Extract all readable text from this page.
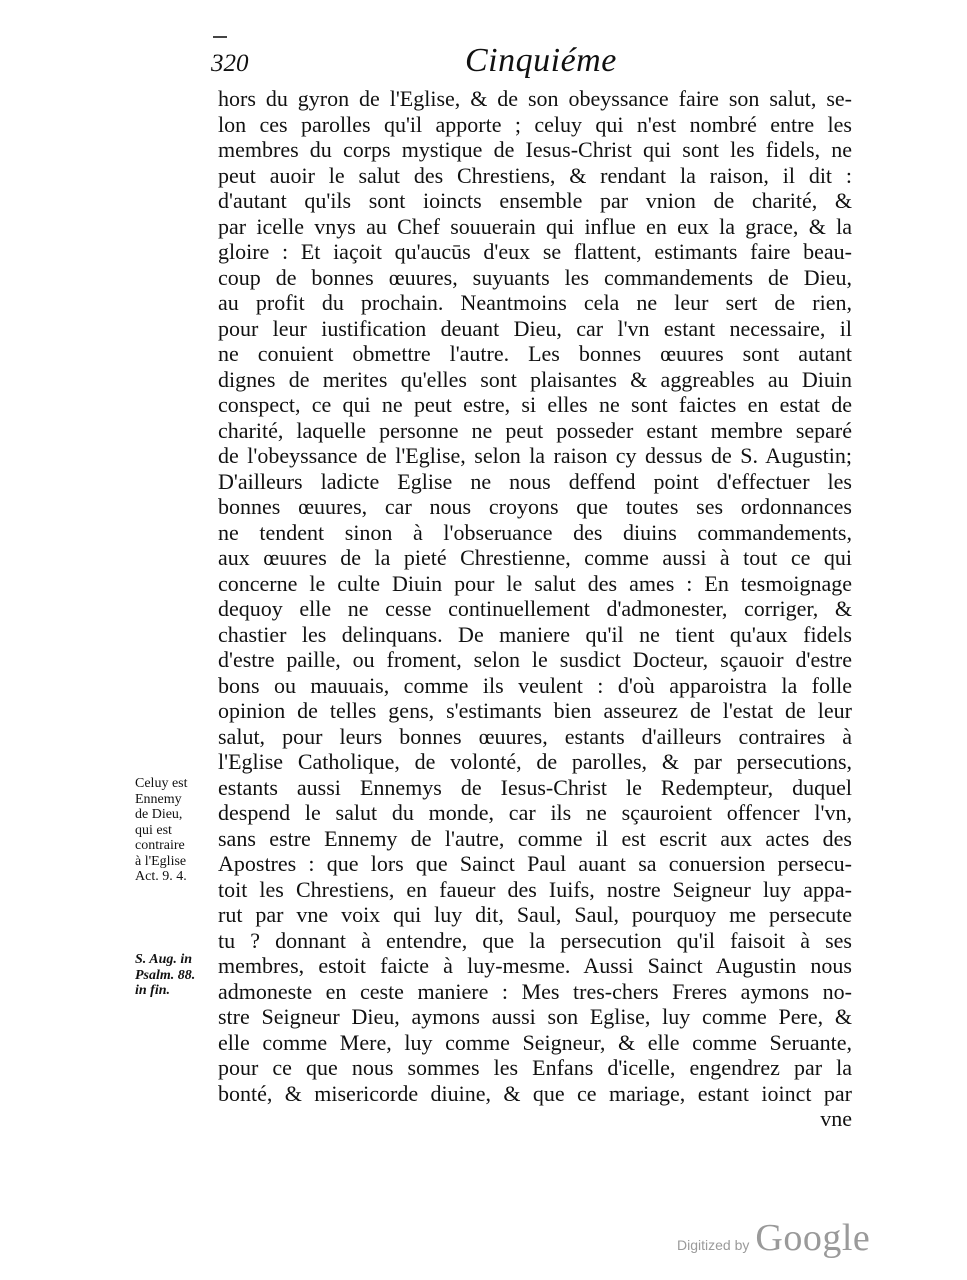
320	Cinquiéme
Celuy est
Ennemy
de Dieu,
qui est
contraire
à l'Eglise
Act. 9. 4.
S. Aug. in
Psalm. 88.
in fin.
hors du gyron de l'Eglise, & de son obeyssance faire son salut, se-
lon ces parolles qu'il apporte ; celuy qui n'est nombré entre les
membres du corps mystique de Iesus-Christ qui sont les fidels, ne
peut auoir le salut des Chrestiens, & rendant la raison, il dit :
d'autant qu'ils sont ioincts ensemble par vnion de charité, &
par icelle vnys au Chef souuerain qui influe en eux la grace, & la
gloire : Et iaçoit qu'aucūs d'eux se flattent, estimants faire beau-
coup de bonnes œuures, suyuants les commandements de Dieu,
au profit du prochain. Neantmoins cela ne leur sert de rien,
pour leur iustification deuant Dieu, car l'vn estant necessaire, il
ne conuient obmettre l'autre. Les bonnes œuures sont autant
dignes de merites qu'elles sont plaisantes & aggreables au Diuin
conspect, ce qui ne peut estre, si elles ne sont faictes en estat de
charité, laquelle personne ne peut posseder estant membre separé
de l'obeyssance de l'Eglise, selon la raison cy dessus de S. Augustin;
D'ailleurs ladicte Eglise ne nous deffend point d'effectuer les
bonnes œuures, car nous croyons que toutes ses ordonnances
ne tendent sinon à l'obseruance des diuins commandements,
aux œuures de la pieté Chrestienne, comme aussi à tout ce qui
concerne le culte Diuin pour le salut des ames : En tesmoignage
dequoy elle ne cesse continuellement d'admonester, corriger, &
chastier les delinquans. De maniere qu'il ne tient qu'aux fidels
d'estre paille, ou froment, selon le susdict Docteur, sçauoir d'estre
bons ou mauuais, comme ils veulent : d'où apparoistra la folle
opinion de telles gens, s'estimants bien asseurez de l'estat de leur
salut, pour leurs bonnes œuures, estants d'ailleurs contraires à
l'Eglise Catholique, de volonté, de parolles, & par persecutions,
estants aussi Ennemys de Iesus-Christ le Redempteur, duquel
despend le salut du monde, car ils ne sçauroient offencer l'vn,
sans estre Ennemy de l'autre, comme il est escrit aux actes des
Apostres : que lors que Sainct Paul auant sa conuersion persecu-
toit les Chrestiens, en faueur des Iuifs, nostre Seigneur luy appa-
rut par vne voix qui luy dit, Saul, Saul, pourquoy me persecute
tu ? donnant à entendre, que la persecution qu'il faisoit à ses
membres, estoit faicte à luy-mesme. Aussi Sainct Augustin nous
admoneste en ceste maniere : Mes tres-chers Freres aymons no-
stre Seigneur Dieu, aymons aussi son Eglise, luy comme Pere, &
elle comme Mere, luy comme Seigneur, & elle comme Seruante,
pour ce que nous sommes les Enfans d'icelle, engendrez par la
bonté, & misericorde diuine, & que ce mariage, estant ioinct par
vne
Digitized by Google
